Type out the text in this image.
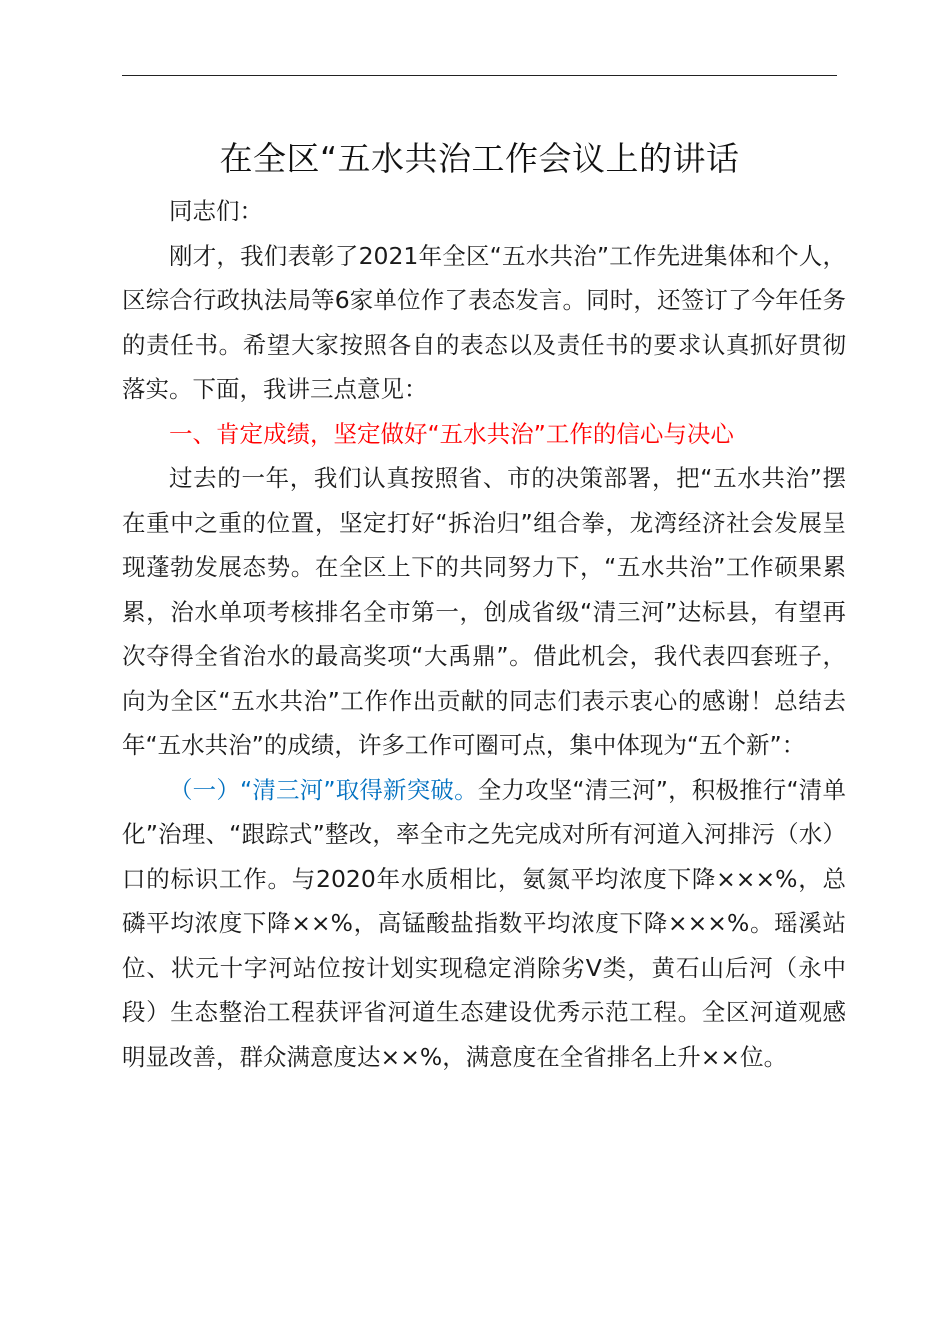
在全区“五水共治工作会议上的讲话

同志们：

刚才，我们表彰了2021年全区“五水共治”工作先进集体和个人，区综合行政执法局等6家单位作了表态发言。同时，还签订了今年任务的责任书。希望大家按照各自的表态以及责任书的要求认真抓好贯彻落实。下面，我讲三点意见：

一、肯定成绩，坚定做好“五水共治”工作的信心与决心

过去的一年，我们认真按照省、市的决策部署，把“五水共治”摆在重中之重的位置，坚定打好“拆治归”组合拳，龙湾经济社会发展呈现蓬勃发展态势。在全区上下的共同努力下，“五水共治”工作硕果累累，治水单项考核排名全市第一，创成省级“清三河”达标县，有望再次夺得全省治水的最高奖项“大禹鼎”。借此机会，我代表四套班子，向为全区“五水共治”工作作出贡献的同志们表示衷心的感谢！总结去年“五水共治”的成绩，许多工作可圈可点，集中体现为“五个新”：

（一）“清三河”取得新突破。全力攻坚“清三河”，积极推行“清单化”治理、“跟踪式”整改，率全市之先完成对所有河道入河排污（水）口的标识工作。与2020年水质相比，氨氮平均浓度下降×××%，总磷平均浓度下降××%，高锰酸盐指数平均浓度下降×××%。瑶溪站位、状元十字河站位按计划实现稳定消除劣Ⅴ类，黄石山后河（永中段）生态整治工程获评省河道生态建设优秀示范工程。全区河道观感明显改善，群众满意度达××%，满意度在全省排名上升××位。
